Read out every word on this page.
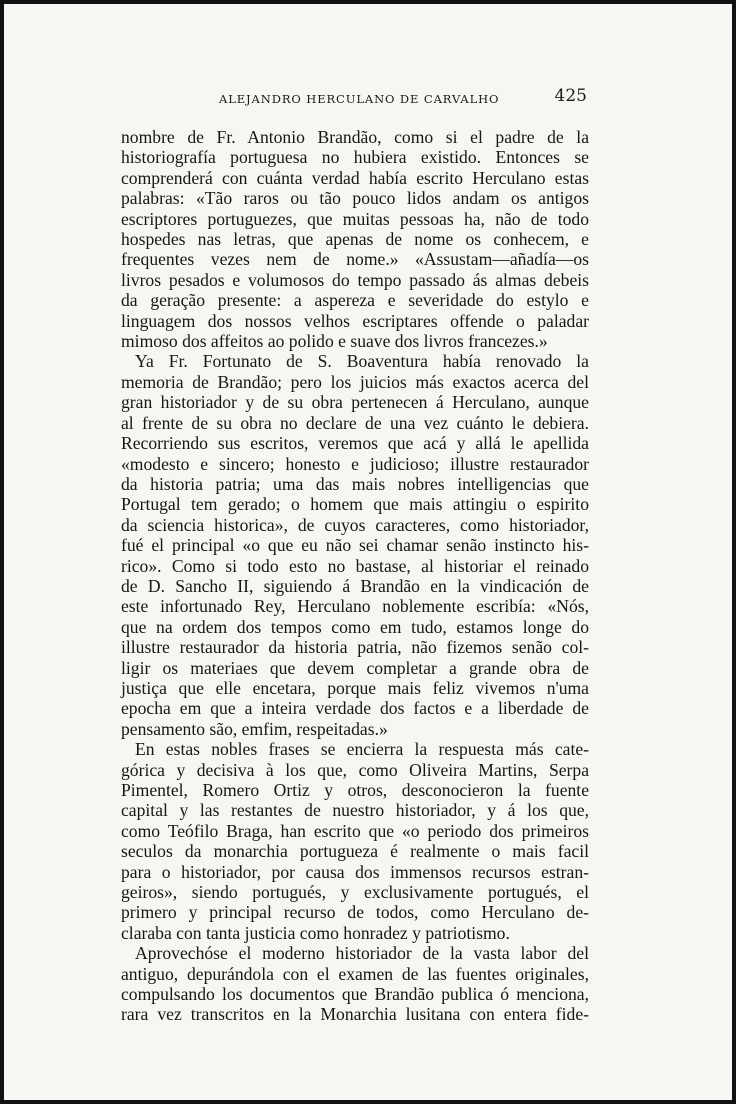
ALEJANDRO HERCULANO DE CARVALHO	425
nombre de Fr. Antonio Brandão, como si el padre de la
historiografía portuguesa no hubiera existido. Entonces se
comprenderá con cuánta verdad había escrito Herculano estas
palabras: «Tão raros ou tão pouco lidos andam os antigos
escriptores portuguezes, que muitas pessoas ha, não de todo
hospedes nas letras, que apenas de nome os conhecem, e
frequentes vezes nem de nome.» «Assustam—añadía—os
livros pesados e volumosos do tempo passado ás almas debeis
da geração presente: a aspereza e severidade do estylo e
linguagem dos nossos velhos escriptares offende o paladar
mimoso dos affeitos ao polido e suave dos livros francezes.»
Ya Fr. Fortunato de S. Boaventura había renovado la
memoria de Brandão; pero los juicios más exactos acerca del
gran historiador y de su obra pertenecen á Herculano, aunque
al frente de su obra no declare de una vez cuánto le debiera.
Recorriendo sus escritos, veremos que acá y allá le apellida
«modesto e sincero; honesto e judicioso; illustre restaurador
da historia patria; uma das mais nobres intelligencias que
Portugal tem gerado; o homem que mais attingiu o espirito
da sciencia historica», de cuyos caracteres, como historiador,
fué el principal «o que eu não sei chamar senão instincto his-
rico». Como si todo esto no bastase, al historiar el reinado
de D. Sancho II, siguiendo á Brandão en la vindicación de
este infortunado Rey, Herculano noblemente escribía: «Nós,
que na ordem dos tempos como em tudo, estamos longe do
illustre restaurador da historia patria, não fizemos senão col-
ligir os materiaes que devem completar a grande obra de
justiça que elle encetara, porque mais feliz vivemos n'uma
epocha em que a inteira verdade dos factos e a liberdade de
pensamento são, emfim, respeitadas.»
En estas nobles frases se encierra la respuesta más cate-
górica y decisiva à los que, como Oliveira Martins, Serpa
Pimentel, Romero Ortiz y otros, desconocieron la fuente
capital y las restantes de nuestro historiador, y á los que,
como Teófilo Braga, han escrito que «o periodo dos primeiros
seculos da monarchia portugueza é realmente o mais facil
para o historiador, por causa dos immensos recursos estran-
geiros», siendo portugués, y exclusivamente portugués, el
primero y principal recurso de todos, como Herculano de-
claraba con tanta justicia como honradez y patriotismo.
Aprovechóse el moderno historiador de la vasta labor del
antiguo, depurándola con el examen de las fuentes originales,
compulsando los documentos que Brandão publica ó menciona,
rara vez transcritos en la Monarchia lusitana con entera fide-
